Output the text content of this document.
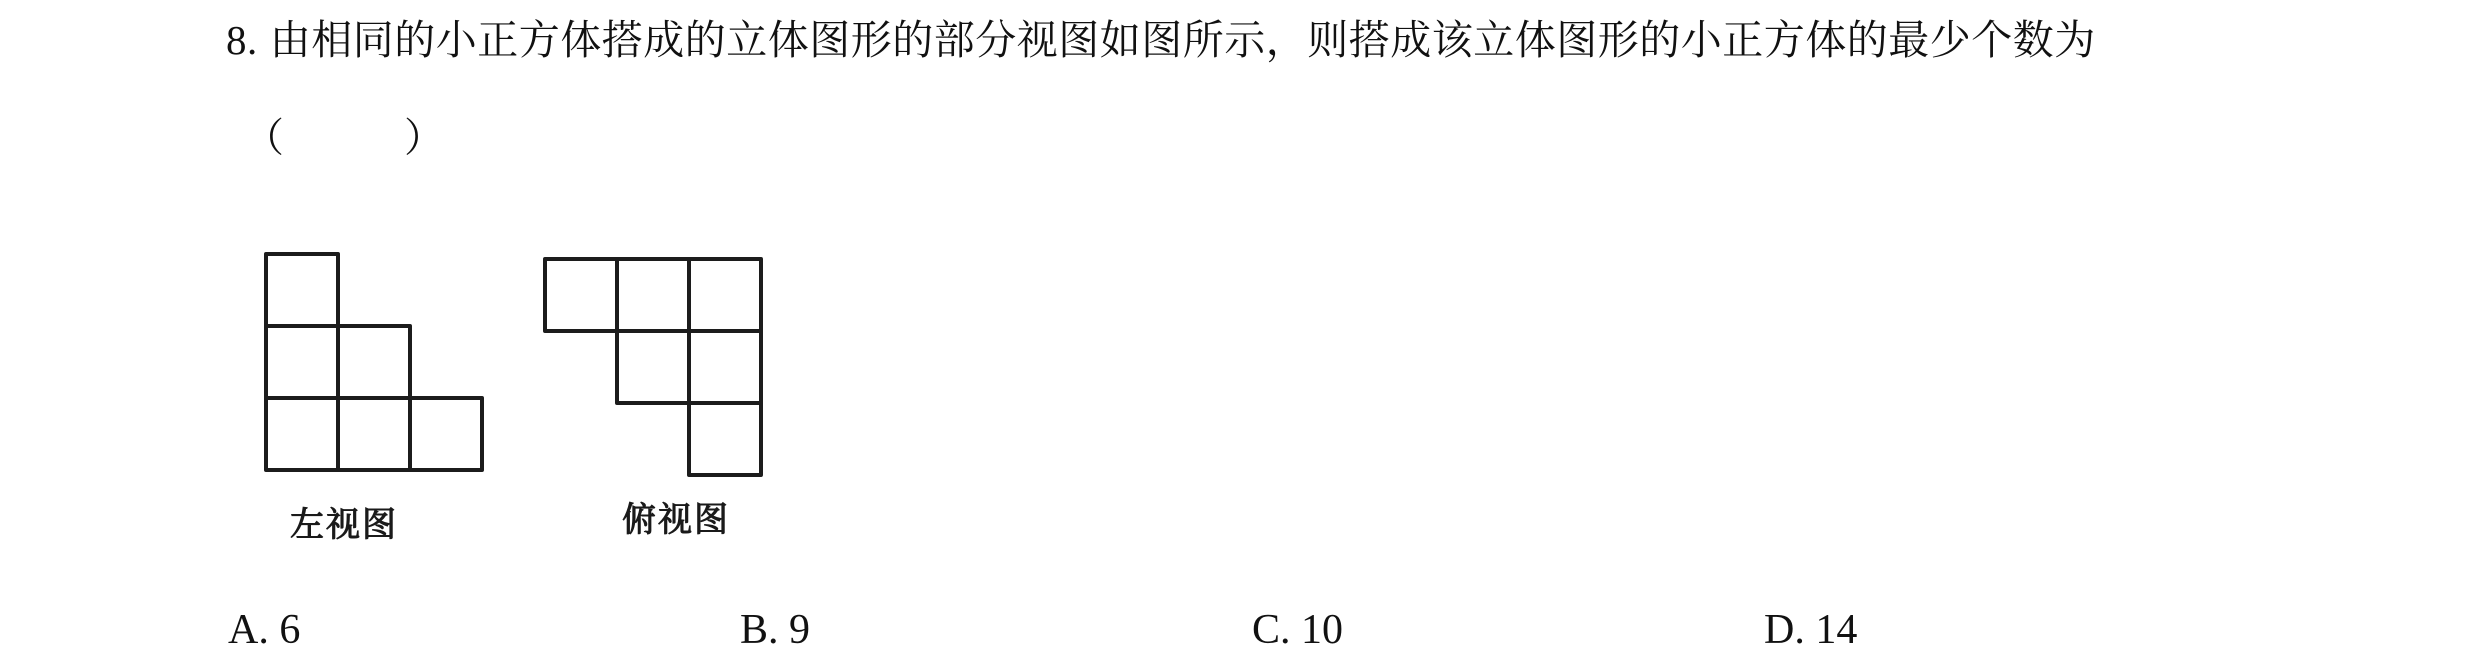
8. 由相同的小正方体搭成的立体图形的部分视图如图所示，则搭成该立体图形的小正方体的最少个数为
（　　　）
左视图	俯视图
A. 6	B. 9	C. 10	D. 14
